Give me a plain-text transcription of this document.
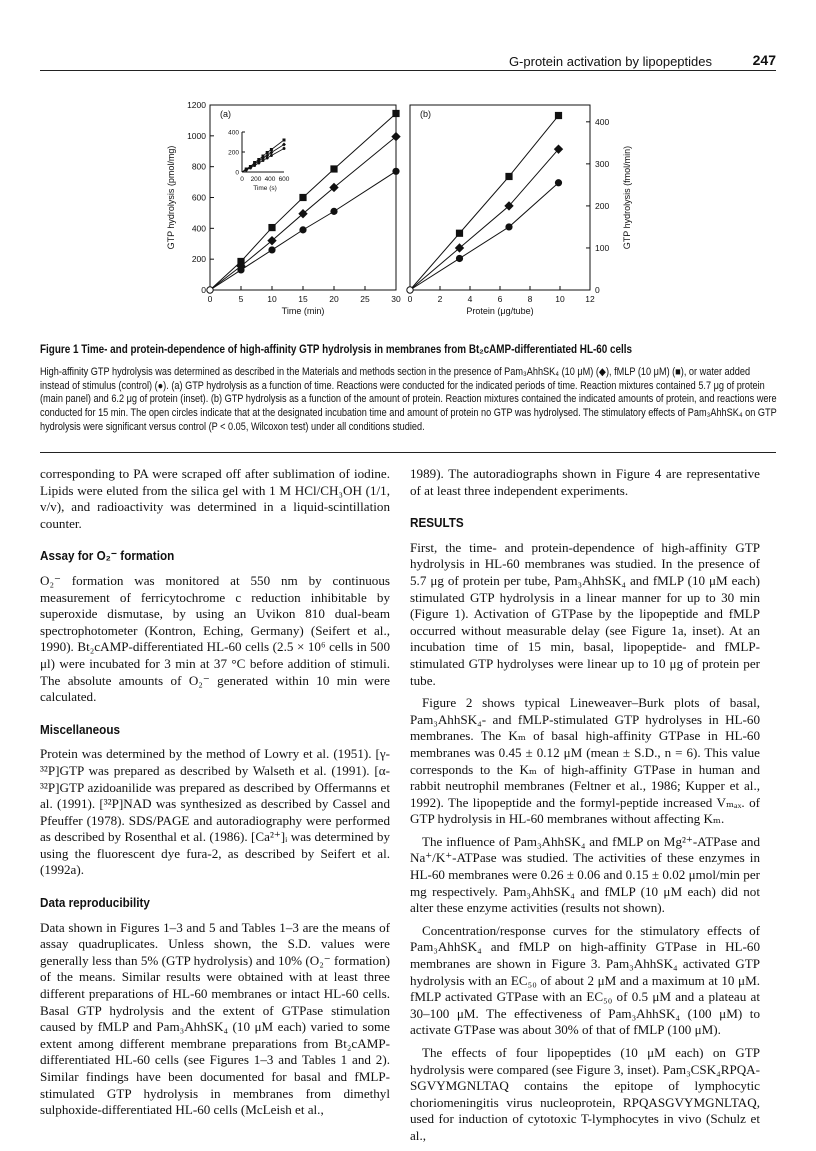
G-protein activation by lipopeptides	247
(a)	(b)
0
200
400
600
800
1000
1200
0	5	10	15	20	25	30
Time (min)
GTP hydrolysis (pmol/mg)
0
100
200
300
400
0	2	4	6	8	10 12
Protein (μg/tube)
GTP hydrolysis (fmol/min)
0
200
400
0 200 400 600
Time (s)
Figure 1 Time- and protein-dependence of high-affinity GTP hydrolysis in membranes from Bt₂cAMP-differentiated HL-60 cells

High-affinity GTP hydrolysis was determined as described in the Materials and methods section in the presence of Pam₃AhhSK₄ (10 μM) (◆), fMLP (10 μM) (■), or water added instead of stimulus (control) (●). (a) GTP hydrolysis as a function of time. Reactions were conducted for the indicated periods of time. Reaction mixtures contained 5.7 μg of protein (main panel) and 6.2 μg of protein (inset). (b) GTP hydrolysis as a function of the amount of protein. Reaction mixtures contained the indicated amounts of protein, and reactions were conducted for 15 min. The open circles indicate that at the designated incubation time and amount of protein no GTP was hydrolysed. The stimulatory effects of Pam₃AhhSK₄ on GTP hydrolysis were significant versus control (P < 0.05, Wilcoxon test) under all conditions studied.

corresponding to PA were scraped off after sublimation of iodine. Lipids were eluted from the silica gel with 1 M HCl/CH₃OH (1/1, v/v), and radioactivity was determined in a liquid-scintillation counter.

Assay for O₂⁻ formation

O₂⁻ formation was monitored at 550 nm by continuous measurement of ferricytochrome c reduction inhibitable by superoxide dismutase, by using an Uvikon 810 dual-beam spectrophotometer (Kontron, Eching, Germany) (Seifert et al., 1990). Bt₂cAMP-differentiated HL-60 cells (2.5 × 10⁶ cells in 500 μl) were incubated for 3 min at 37 °C before addition of stimuli. The absolute amounts of O₂⁻ generated within 10 min were calculated.

Miscellaneous

Protein was determined by the method of Lowry et al. (1951). [γ-³²P]GTP was prepared as described by Walseth et al. (1991). [α-³²P]GTP azidoanilide was prepared as described by Offermanns et al. (1991). [³²P]NAD was synthesized as described by Cassel and Pfeuffer (1978). SDS/PAGE and autoradiography were performed as described by Rosenthal et al. (1986). [Ca²⁺]ᵢ was determined by using the fluorescent dye fura-2, as described by Seifert et al. (1992a).

Data reproducibility

Data shown in Figures 1–3 and 5 and Tables 1–3 are the means of assay quadruplicates. Unless shown, the S.D. values were generally less than 5% (GTP hydrolysis) and 10% (O₂⁻ formation) of the means. Similar results were obtained with at least three different preparations of HL-60 membranes or intact HL-60 cells. Basal GTP hydrolysis and the extent of GTPase stimulation caused by fMLP and Pam₃AhhSK₄ (10 μM each) varied to some extent among different membrane preparations from Bt₂cAMP-differentiated HL-60 cells (see Figures 1–3 and Tables 1 and 2). Similar findings have been documented for basal and fMLP-stimulated GTP hydrolysis in membranes from dimethyl sulphoxide-differentiated HL-60 cells (McLeish et al.,

1989). The autoradiographs shown in Figure 4 are representative of at least three independent experiments.

RESULTS

First, the time- and protein-dependence of high-affinity GTP hydrolysis in HL-60 membranes was studied. In the presence of 5.7 μg of protein per tube, Pam₃AhhSK₄ and fMLP (10 μM each) stimulated GTP hydrolysis in a linear manner for up to 30 min (Figure 1). Activation of GTPase by the lipopeptide and fMLP occurred without measurable delay (see Figure 1a, inset). At an incubation time of 15 min, basal, lipopeptide- and fMLP-stimulated GTP hydrolyses were linear up to 10 μg of protein per tube.

Figure 2 shows typical Lineweaver–Burk plots of basal, Pam₃AhhSK₄- and fMLP-stimulated GTP hydrolyses in HL-60 membranes. The Kₘ of basal high-affinity GTPase in HL-60 membranes was 0.45 ± 0.12 μM (mean ± S.D., n = 6). This value corresponds to the Kₘ of high-affinity GTPase in human and rabbit neutrophil membranes (Feltner et al., 1986; Kupper et al., 1992). The lipopeptide and the formyl-peptide increased Vₘₐₓ. of GTP hydrolysis in HL-60 membranes without affecting Kₘ.

The influence of Pam₃AhhSK₄ and fMLP on Mg²⁺-ATPase and Na⁺/K⁺-ATPase was studied. The activities of these enzymes in HL-60 membranes were 0.26 ± 0.06 and 0.15 ± 0.02 μmol/min per mg respectively. Pam₃AhhSK₄ and fMLP (10 μM each) did not alter these enzyme activities (results not shown).

Concentration/response curves for the stimulatory effects of Pam₃AhhSK₄ and fMLP on high-affinity GTPase in HL-60 membranes are shown in Figure 3. Pam₃AhhSK₄ activated GTP hydrolysis with an EC₅₀ of about 2 μM and a maximum at 10 μM. fMLP activated GTPase with an EC₅₀ of 0.5 μM and a plateau at 30–100 μM. The effectiveness of Pam₃AhhSK₄ (100 μM) to activate GTPase was about 30% of that of fMLP (100 μM).

The effects of four lipopeptides (10 μM each) on GTP hydrolysis were compared (see Figure 3, inset). Pam₃CSK₄RPQA-SGVYMGNLTAQ contains the epitope of lymphocytic choriomeningitis virus nucleoprotein, RPQASGVYMGNLTAQ, used for induction of cytotoxic T-lymphocytes in vivo (Schulz et al.,
